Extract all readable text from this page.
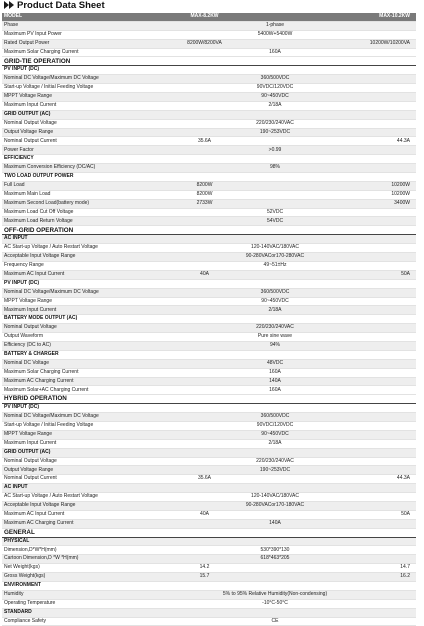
Product Data Sheet
MODEL	MAX-8.2KW	MAX-10.2KW
Phase	1-phase	
Maximum PV Input Power	5400W+5400W	
Rated Output Power	8200W/8200VA	10200W/10200VA
Maximum Solar Charging Current	160A	
GRID-TIE OPERATION		
PV INPUT (DC)		
Nominal DC Voltage/Maximum DC Voltage	360/500VDC	
Start-up Voltage / Initial Feeding Voltage	90VDC/120VDC	
MPPT Voltage Range	90~450VDC	
Maximum Input Current	2/18A	
GRID OUTPUT (AC)		
Nominal Output Voltage	220/230/240VAC	
Output Voltage Range	190~253VDC	
Nominal Output Current	35.6A	44.3A
Power Factor	>0.99	
EFFICIENCY		
Maximum Conversion Efficiency (DC/AC)	98%	
TWO LOAD OUTPUT POWER		
Full Load	8200W	10200W
Maximum Main Load	8200W	10200W
Maximum Second Load(battery mode)	2733W	3400W
Maximum Load Cut Off Voltage	52VDC	
Maximum Load Return Voltage	54VDC	
OFF-GRID OPERATION		
AC INPUT		
AC Start-up Voltage / Auto Restart Voltage	120-140VAC/180VAC	
Acceptable Input Voltage Range	90-280VACor170-280VAC	
Frequency Range	49~51±Hz	
Maximum AC Input Current	40A	50A
PV INPUT (DC)		
Nominal DC Voltage/Maximum DC Voltage	360/500VDC	
MPPT Voltage Range	90~450VDC	
Maximum Input Current	2/18A	
BATTERY MODE OUTPUT (AC)		
Nominal Output Voltage	220/230/240VAC	
Output Waveform	Pure sine wave	
Efficiency (DC to AC)	94%	
BATTERY & CHARGER		
Nominal DC Voltage	48VDC	
Maximum Solar Charging Current	160A	
Maximum AC Charging Current	140A	
Maximum Solar+AC Charging Current	160A	
HYBRID OPERATION		
PV INPUT (DC)		
Nominal DC Voltage/Maximum DC Voltage	360/500VDC	
Start-up Voltage / Initial Feeding Voltage	90VDC/120VDC	
MPPT Voltage Range	90~450VDC	
Maximum Input Current	2/18A	
GRID OUTPUT (AC)		
Nominal Output Voltage	220/230/240VAC	
Output Voltage Range	190~253VDC	
Nominal Output Current	35.6A	44.3A
AC INPUT		
AC Start-up Voltage / Auto Restart Voltage	120-140VAC/180VAC	
Acceptable Input Voltage Range	90-280VACor170-180VAC	
Maximum AC Input Current	40A	50A
Maximum AC Charging Current	140A	
GENERAL		
PHYSICAL		
Dimension,D*W*H(mm)	530*390*130	
Cartoon Dimension,D *W *H(mm)	618*463*205	
Net Weight(kgs)	14.2	14.7
Gross Weight(kgs)	15.7	16.2
ENVIRONMENT		
Humidity	5% to 95% Relative Humidity(Non-condensing)	
Operating Temperature	-10°C-50°C	
STANDARD		
Compliance Safety	CE	
